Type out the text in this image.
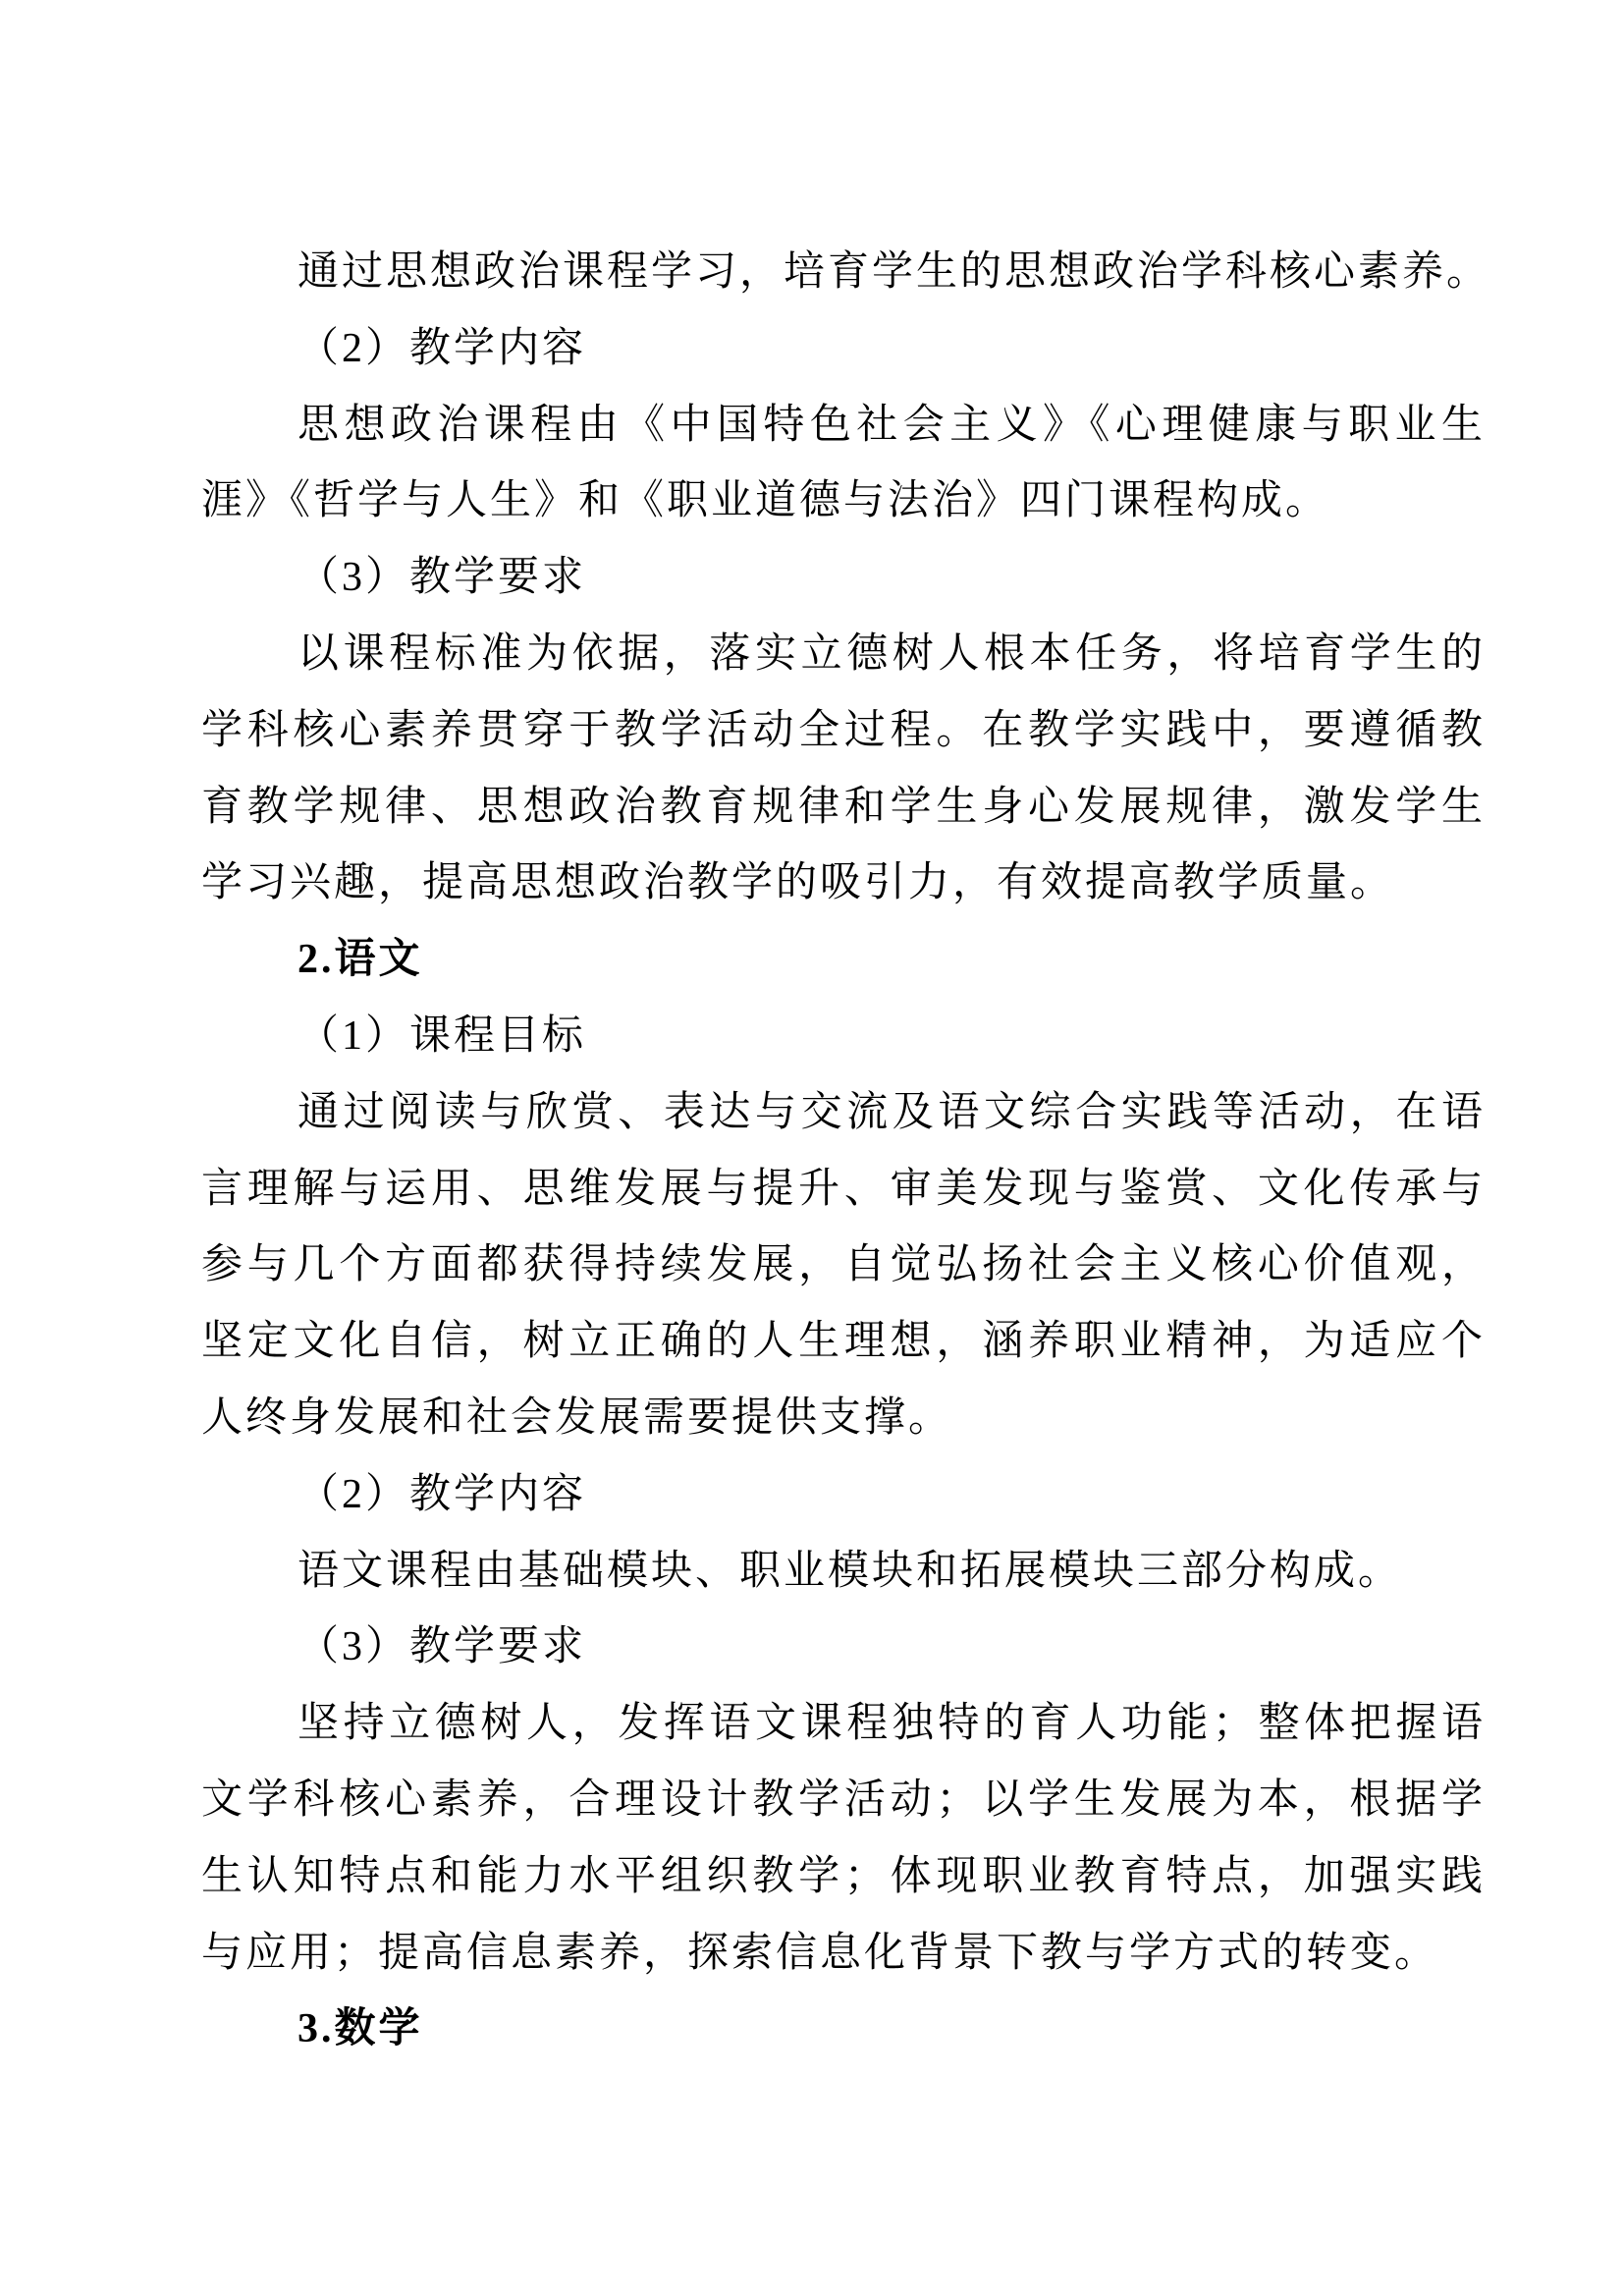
通过思想政治课程学习，培育学生的思想政治学科核心素养。
（2）教学内容
思想政治课程由《中国特色社会主义》《心理健康与职业生
涯》《哲学与人生》和《职业道德与法治》四门课程构成。
（3）教学要求
以课程标准为依据，落实立德树人根本任务，将培育学生的
学科核心素养贯穿于教学活动全过程。在教学实践中，要遵循教
育教学规律、思想政治教育规律和学生身心发展规律，激发学生
学习兴趣，提高思想政治教学的吸引力，有效提高教学质量。
2.语文
（1）课程目标
通过阅读与欣赏、表达与交流及语文综合实践等活动，在语
言理解与运用、思维发展与提升、审美发现与鉴赏、文化传承与
参与几个方面都获得持续发展，自觉弘扬社会主义核心价值观，
坚定文化自信，树立正确的人生理想，涵养职业精神，为适应个
人终身发展和社会发展需要提供支撑。
（2）教学内容
语文课程由基础模块、职业模块和拓展模块三部分构成。
（3）教学要求
坚持立德树人，发挥语文课程独特的育人功能；整体把握语
文学科核心素养，合理设计教学活动；以学生发展为本，根据学
生认知特点和能力水平组织教学；体现职业教育特点，加强实践
与应用；提高信息素养，探索信息化背景下教与学方式的转变。
3.数学
